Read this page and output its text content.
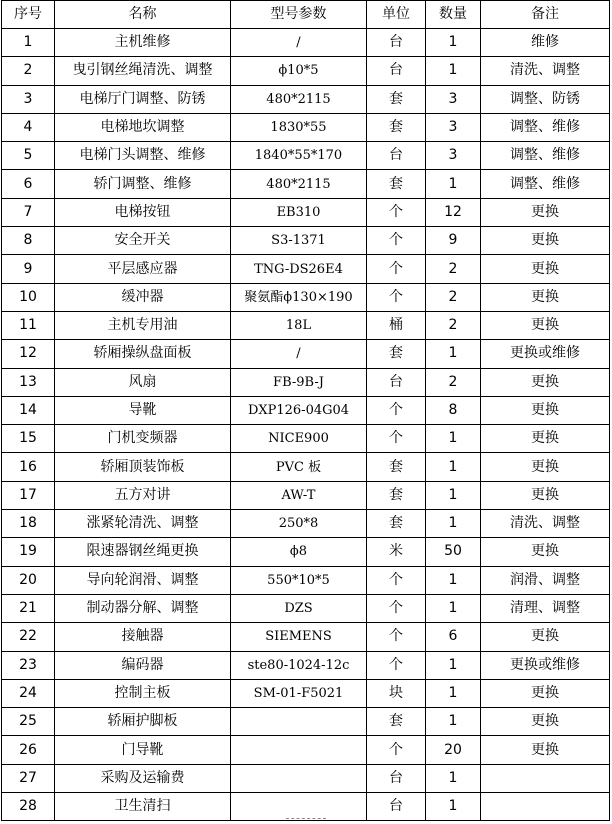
序号	名称	型号参数	单位	数量	备注
1	主机维修	/	台	1	维修
2	曳引钢丝绳清洗、调整	ϕ10*5	台	1	清洗、调整
3	电梯厅门调整、防锈	480*2115	套	3	调整、防锈
4	电梯地坎调整	1830*55	套	3	调整、维修
5	电梯门头调整、维修	1840*55*170	台	3	调整、维修
6	轿门调整、维修	480*2115	套	1	调整、维修
7	电梯按钮	EB310	个	12	更换
8	安全开关	S3-1371	个	9	更换
9	平层感应器	TNG-DS26E4	个	2	更换
10	缓冲器	聚氨酯ϕ130×190	个	2	更换
11	主机专用油	18L	桶	2	更换
12	轿厢操纵盘面板	/	套	1	更换或维修
13	风扇	FB-9B-J	台	2	更换
14	导靴	DXP126-04G04	个	8	更换
15	门机变频器	NICE900	个	1	更换
16	轿厢顶装饰板	PVC 板	套	1	更换
17	五方对讲	AW-T	套	1	更换
18	涨紧轮清洗、调整	250*8	套	1	清洗、调整
19	限速器钢丝绳更换	ϕ8	米	50	更换
20	导向轮润滑、调整	550*10*5	个	1	润滑、调整
21	制动器分解、调整	DZS	个	1	清理、调整
22	接触器	SIEMENS	个	6	更换
23	编码器	ste80-1024-12c	个	1	更换或维修
24	控制主板	SM-01-F5021	块	1	更换
25	轿厢护脚板		套	1	更换
26	门导靴		个	20	更换
27	采购及运输费		台	1	
28	卫生清扫		台	1	
